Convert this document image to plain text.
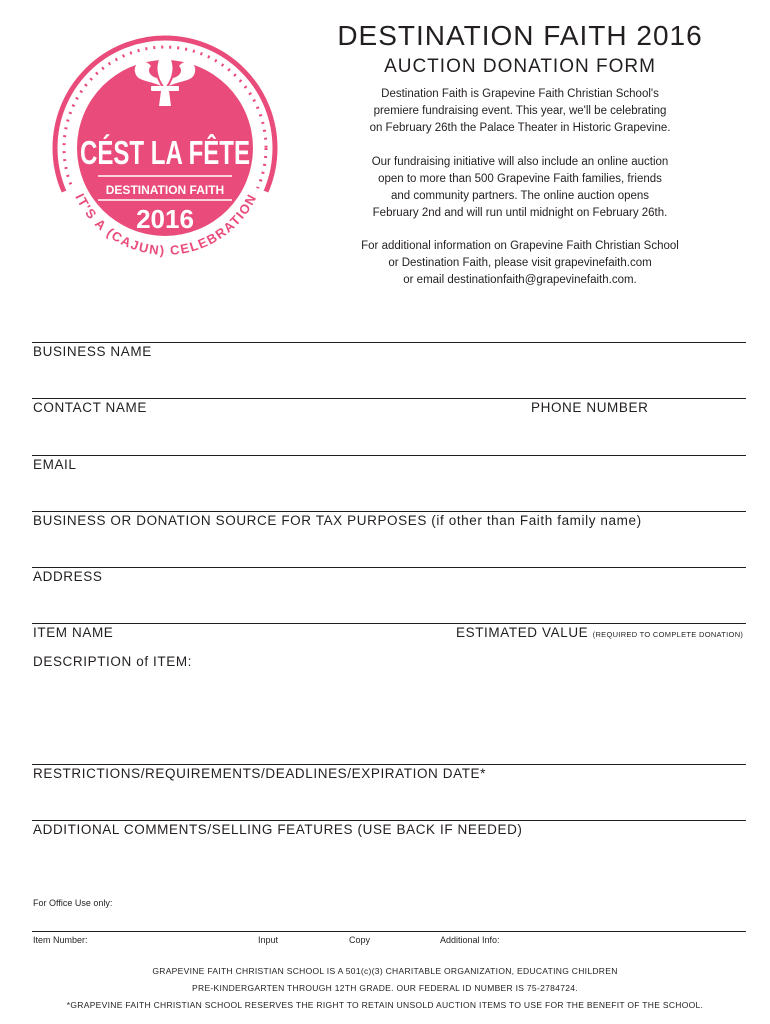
CÉST LA FÊTE
DESTINATION FAITH
2016
IT'S A (CAJUN) CELEBRATION
DESTINATION FAITH 2016
AUCTION DONATION FORM
Destination Faith is Grapevine Faith Christian School's
premiere fundraising event. This year, we'll be celebrating
on February 26th the Palace Theater in Historic Grapevine.
Our fundraising initiative will also include an online auction
open to more than 500 Grapevine Faith families, friends
and community partners. The online auction opens
February 2nd and will run until midnight on February 26th.
For additional information on Grapevine Faith Christian School
or Destination Faith, please visit grapevinefaith.com
or email destinationfaith@grapevinefaith.com.
BUSINESS NAME
CONTACT NAME	PHONE NUMBER
EMAIL
BUSINESS OR DONATION SOURCE FOR TAX PURPOSES (if other than Faith family name)
ADDRESS
ITEM NAME	ESTIMATED VALUE (REQUIRED TO COMPLETE DONATION)
DESCRIPTION of ITEM:
RESTRICTIONS/REQUIREMENTS/DEADLINES/EXPIRATION DATE*
ADDITIONAL COMMENTS/SELLING FEATURES (USE BACK IF NEEDED)
For Office Use only:
Item Number:	Input	Copy	Additional Info:
GRAPEVINE FAITH CHRISTIAN SCHOOL IS A 501(c)(3) CHARITABLE ORGANIZATION, EDUCATING CHILDREN
PRE-KINDERGARTEN THROUGH 12TH GRADE. OUR FEDERAL ID NUMBER IS 75-2784724.
*GRAPEVINE FAITH CHRISTIAN SCHOOL RESERVES THE RIGHT TO RETAIN UNSOLD AUCTION ITEMS TO USE FOR THE BENEFIT OF THE SCHOOL.
